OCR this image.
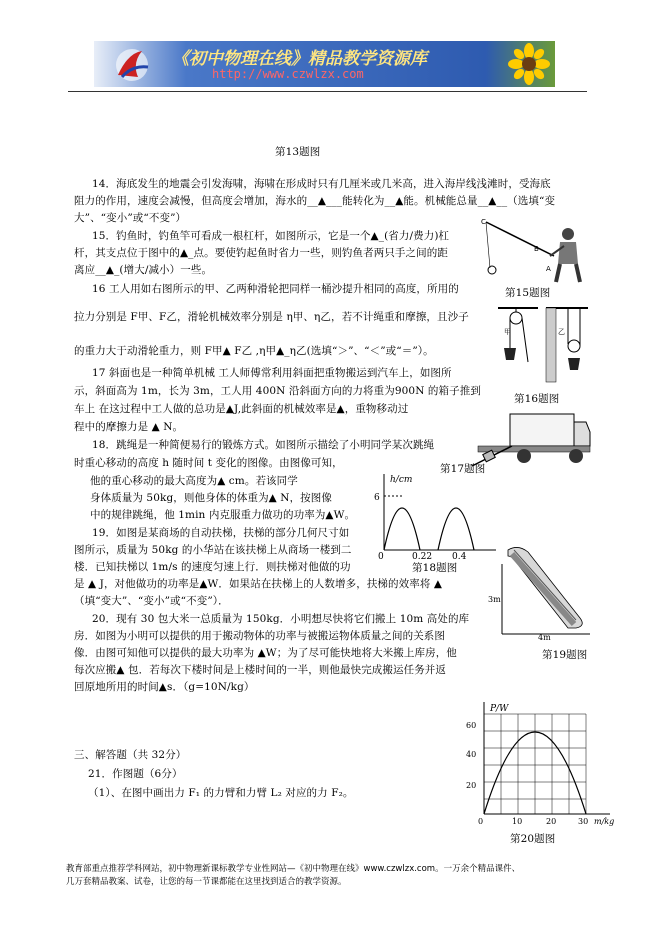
《初中物理在线》精品教学资源库
http://www.czwlzx.com
第13题图
14．海底发生的地震会引发海啸，海啸在形成时只有几厘米或几米高，进入海岸线浅滩时，受海底
阻力的作用，速度会减慢，但高度会增加，海水的__▲___能转化为__▲能。机械能总量__▲__（选填“变
大”、“变小”或“不变”）
15．钓鱼时，钓鱼竿可看成一根杠杆，如图所示，它是一个▲_(省力/费力)杠
杆，其支点位于图中的▲_点。要使钓起鱼时省力一些，则钓鱼者两只手之间的距
离应__▲_(增大/减小）一些。
C
B
A
第15题图
16 工人用如右图所示的甲、乙两种滑轮把同样一桶沙提升相同的高度，所用的
拉力分别是 F甲、F乙，滑轮机械效率分别是 η甲、η乙，若不计绳重和摩擦，且沙子
的重力大于动滑轮重力，则 F甲▲ F乙 ,η甲▲_η乙(选填“＞”、“＜”或“＝”）。
甲	乙
第16题图
17 斜面也是一种简单机械 工人师傅常利用斜面把重物搬运到汽车上，如图所
示，斜面高为 1m，长为 3m，工人用 400N 沿斜面方向的力将重为900N 的箱子推到
车上 在这过程中工人做的总功是▲J,此斜面的机械效率是▲，重物移动过
程中的摩擦力是 ▲ N。
第17题图
18．跳绳是一种简便易行的锻炼方式。如图所示描绘了小明同学某次跳绳
时重心移动的高度 h 随时间 t 变化的图像。由图像可知，
他的重心移动的最大高度为▲ cm。若该同学
身体质量为 50kg，则他身体的体重为▲ N，按图像
中的规律跳绳，他 1min 内克服重力做功的功率为▲W。
h/cm
6
0	0.22 0.4
第18题图
19．如图是某商场的自动扶梯，扶梯的部分几何尺寸如
图所示，质量为 50kg 的小华站在该扶梯上从商场一楼到二
楼．已知扶梯以 1m/s 的速度匀速上行．则扶梯对他做的功
是 ▲ J，对他做功的功率是▲W．如果站在扶梯上的人数增多，扶梯的效率将 ▲
（填“变大”、“变小”或“不变”）．	3m
4m
第19题图
20．现有 30 包大米一总质量为 150kg．小明想尽快将它们搬上 10m 高处的库
房．如图为小明可以提供的用于搬动物体的功率与被搬运物体质量之间的关系图
像．由图可知他可以提供的最大功率为 ▲W；为了尽可能快地将大米搬上库房，他
每次应搬▲ 包．若每次下楼时间是上楼时间的一半，则他最快完成搬运任务并返
回原地所用的时间▲s．（g=10N/kg）
P/W
60
40
20
0	10	20	30 m/kg
第20题图
三、解答题（共 32分）
21．作图题（6分）
（1）、在图中画出力 F₁ 的力臂和力臂 L₂ 对应的力 F₂。
教育部重点推荐学科网站，初中物理新课标教学专业性网站—《初中物理在线》www.czwlzx.com。一万余个精品课件、
几万套精品教案、试卷，让您的每一节课都能在这里找到适合的教学资源。
